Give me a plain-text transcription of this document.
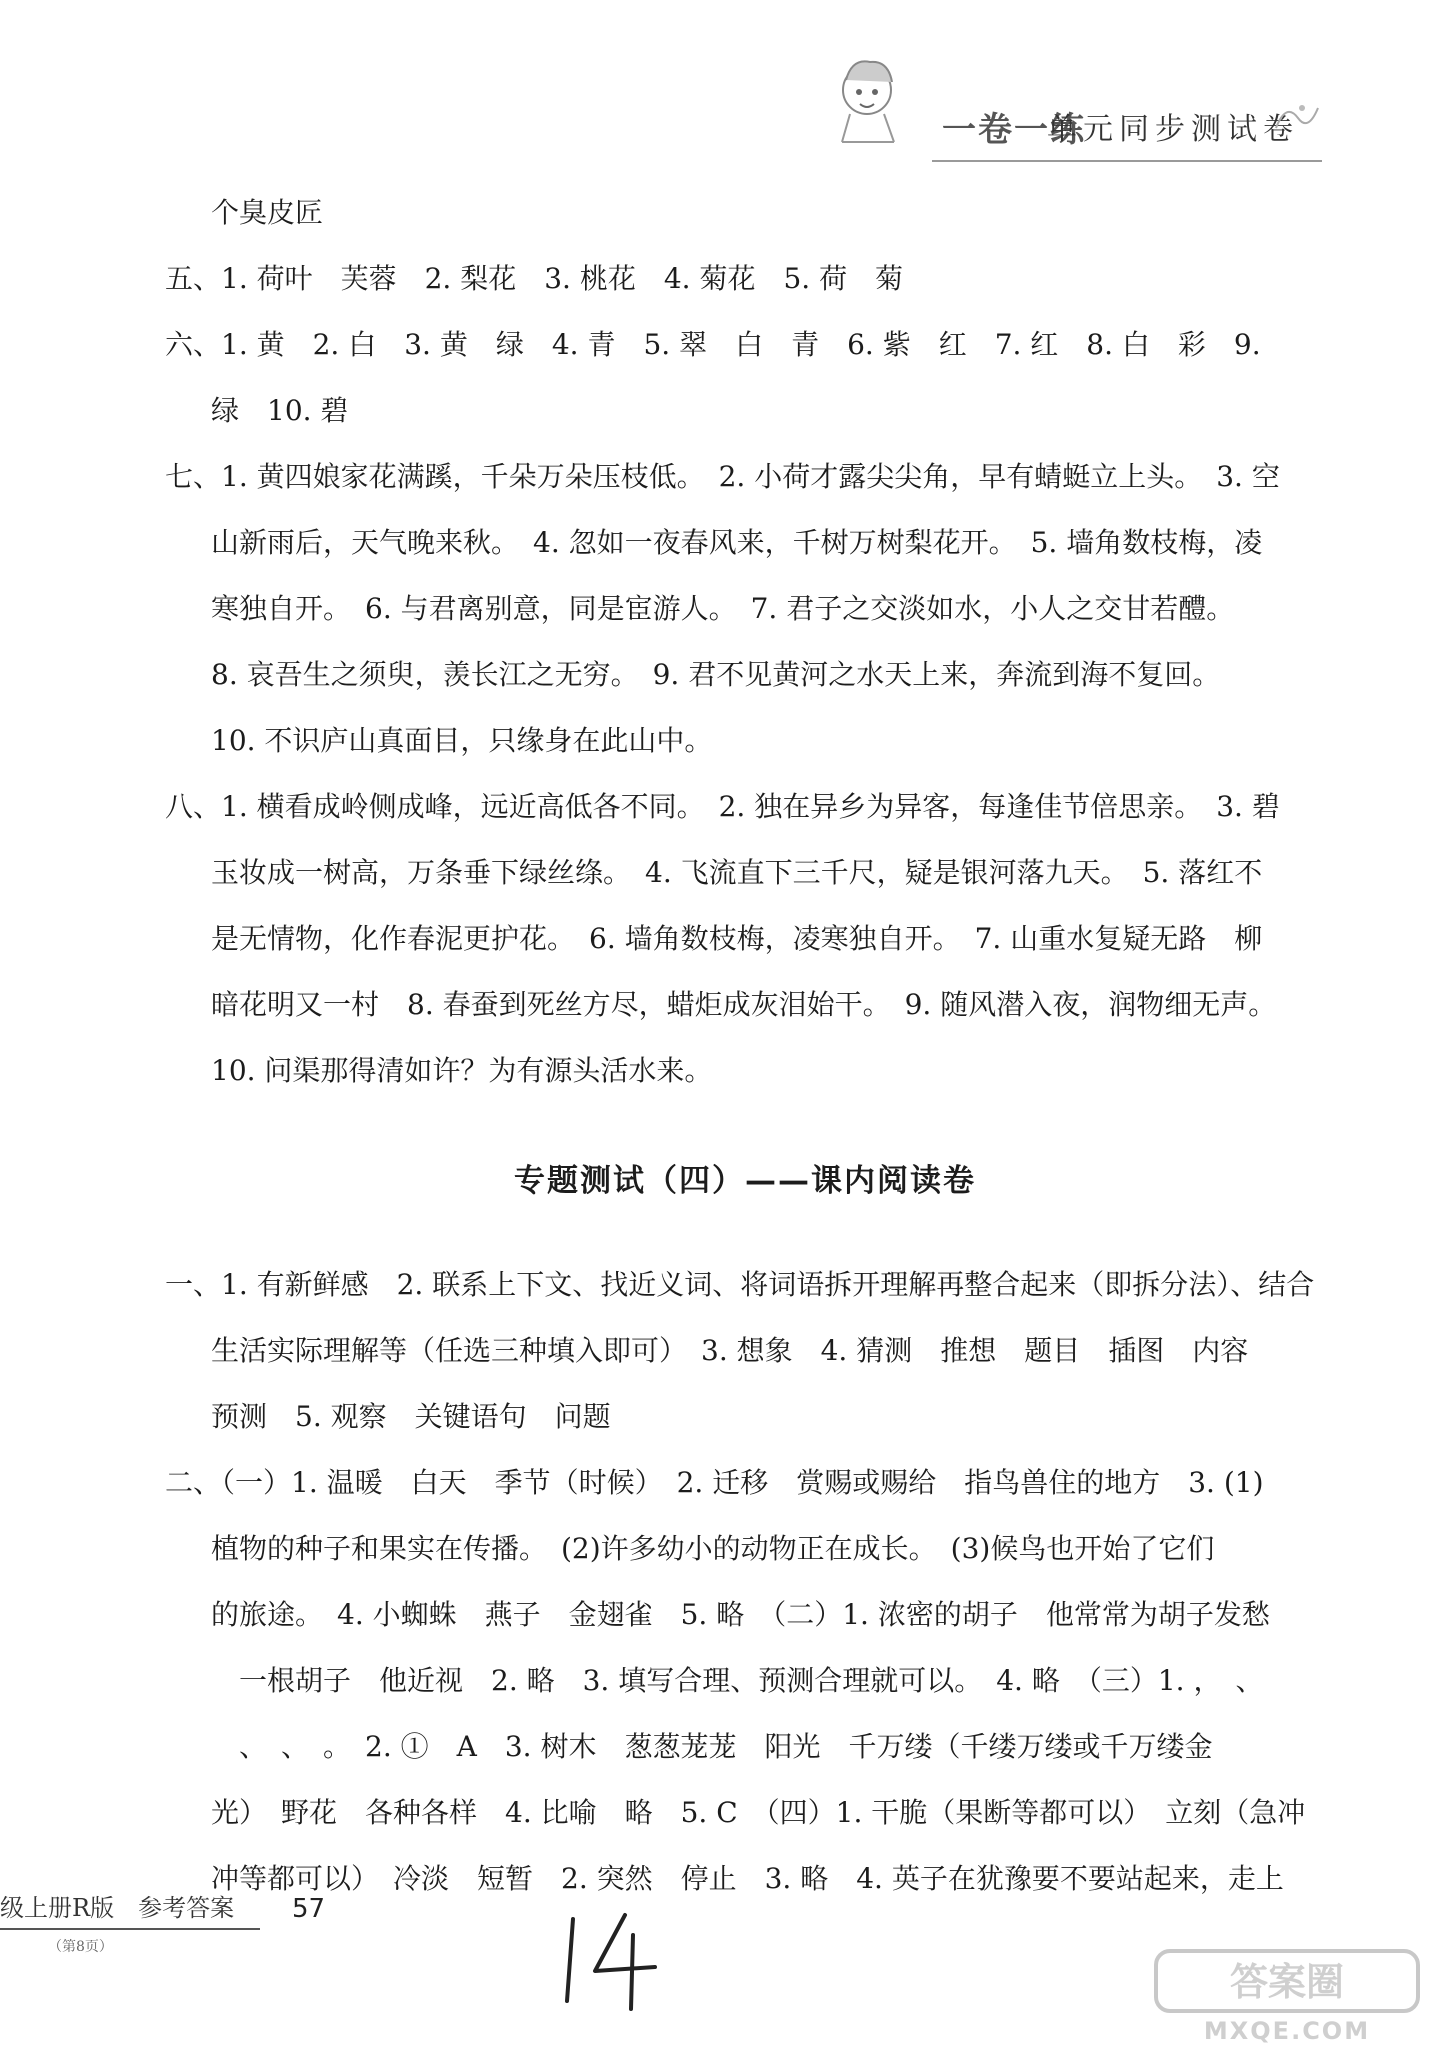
一卷一练
单元同步测试卷
个臭皮匠
五、1. 荷叶　芙蓉　2. 梨花　3. 桃花　4. 菊花　5. 荷　菊
六、1. 黄　2. 白　3. 黄　绿　4. 青　5. 翠　白　青　6. 紫　红　7. 红　8. 白　彩　9.
绿　10. 碧
七、1. 黄四娘家花满蹊，千朵万朵压枝低。　2. 小荷才露尖尖角，早有蜻蜓立上头。　3. 空
山新雨后，天气晚来秋。　4. 忽如一夜春风来，千树万树梨花开。　5. 墙角数枝梅，凌
寒独自开。　6. 与君离别意，同是宦游人。　7. 君子之交淡如水，小人之交甘若醴。
8. 哀吾生之须臾，羡长江之无穷。　9. 君不见黄河之水天上来，奔流到海不复回。
10. 不识庐山真面目，只缘身在此山中。
八、1. 横看成岭侧成峰，远近高低各不同。　2. 独在异乡为异客，每逢佳节倍思亲。　3. 碧
玉妆成一树高，万条垂下绿丝绦。　4. 飞流直下三千尺，疑是银河落九天。　5. 落红不
是无情物，化作春泥更护花。　6. 墙角数枝梅，凌寒独自开。　7. 山重水复疑无路　柳
暗花明又一村　8. 春蚕到死丝方尽，蜡炬成灰泪始干。　9. 随风潜入夜，润物细无声。
10. 问渠那得清如许？为有源头活水来。
专题测试（四）——课内阅读卷
一、1. 有新鲜感　2. 联系上下文、找近义词、将词语拆开理解再整合起来（即拆分法）、结合
生活实际理解等（任选三种填入即可）　3. 想象　4. 猜测　推想　题目　插图　内容
预测　5. 观察　关键语句　问题
二、（一）1. 温暖　白天　季节（时候）　2. 迁移　赏赐或赐给　指鸟兽住的地方　3. (1)
植物的种子和果实在传播。　(2)许多幼小的动物正在成长。　(3)候鸟也开始了它们
的旅途。　4. 小蜘蛛　燕子　金翅雀　5. 略　（二）1. 浓密的胡子　他常常为胡子发愁
　一根胡子　他近视　2. 略　3. 填写合理、预测合理就可以。　4. 略　（三）1. ，　、
　、　、　。　2. ①　A　3. 树木　葱葱茏茏　阳光　千万缕（千缕万缕或千万缕金
光）　野花　各种各样　4. 比喻　略　5. C　（四）1. 干脆（果断等都可以）　立刻（急冲
冲等都可以）　冷淡　短暂　2. 突然　停止　3. 略　4. 英子在犹豫要不要站起来，走上
级上册R版　参考答案
（第8页）
57
答案圈
MXQE.COM
